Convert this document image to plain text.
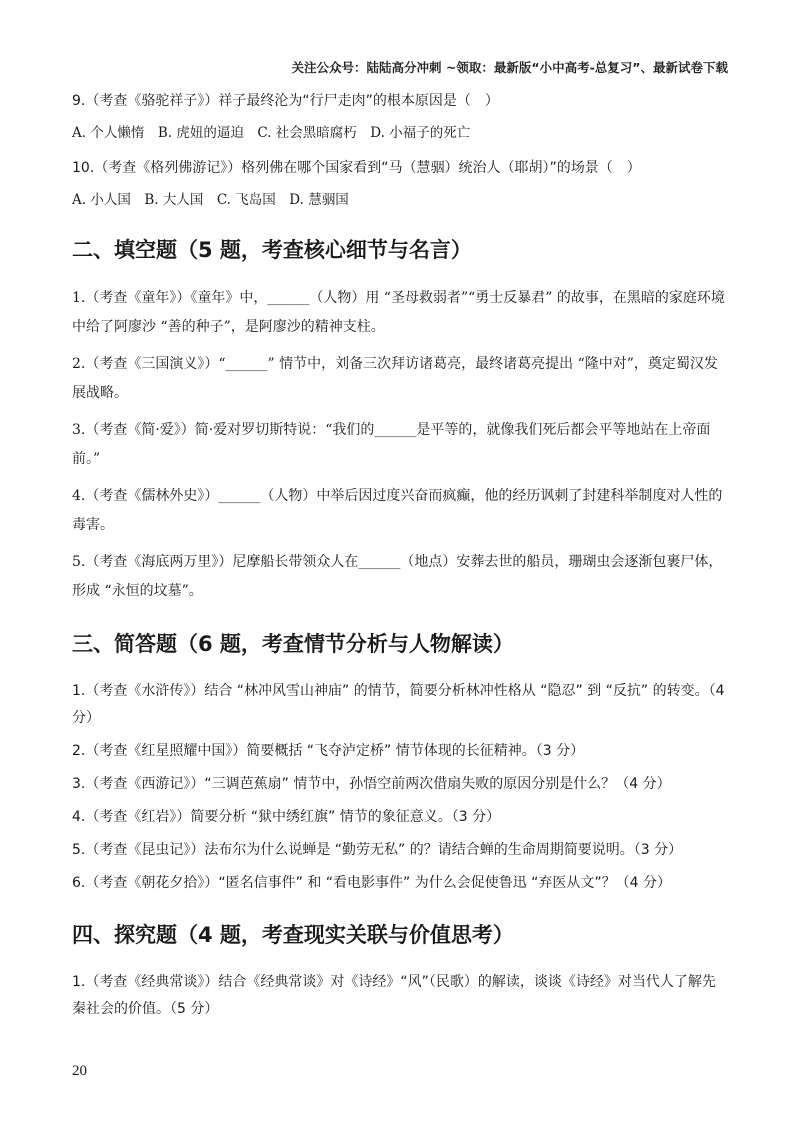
关注公众号：陆陆高分冲刺 ~领取：最新版“小中高考-总复习”、最新试卷下载

9.（考查《骆驼祥子》）祥子最终沦为“行尸走肉”的根本原因是（　）

A. 个人懒惰　B. 虎妞的逼迫　C. 社会黑暗腐朽　D. 小福子的死亡

10.（考查《格列佛游记》）格列佛在哪个国家看到“马（慧骃）统治人（耶胡）”的场景（　）

A. 小人国　B. 大人国　C. 飞岛国　D. 慧骃国

二、填空题（5 题，考查核心细节与名言）

1.（考查《童年》）《童年》中，______（人物）用 “圣母救弱者”“勇士反暴君” 的故事，在黑暗的家庭环境中给了阿廖沙 “善的种子”，是阿廖沙的精神支柱。

2.（考查《三国演义》）“______” 情节中，刘备三次拜访诸葛亮，最终诸葛亮提出 “隆中对”，奠定蜀汉发展战略。

3.（考查《简·爱》）简·爱对罗切斯特说：“我们的______是平等的，就像我们死后都会平等地站在上帝面前。”

4.（考查《儒林外史》）______（人物）中举后因过度兴奋而疯癫，他的经历讽刺了封建科举制度对人性的毒害。

5.（考查《海底两万里》）尼摩船长带领众人在______（地点）安葬去世的船员，珊瑚虫会逐渐包裹尸体，形成 “永恒的坟墓”。

三、简答题（6 题，考查情节分析与人物解读）

1.（考查《水浒传》）结合 “林冲风雪山神庙” 的情节，简要分析林冲性格从 “隐忍” 到 “反抗” 的转变。（4 分）

2.（考查《红星照耀中国》）简要概括 “飞夺泸定桥” 情节体现的长征精神。（3 分）

3.（考查《西游记》）“三调芭蕉扇” 情节中，孙悟空前两次借扇失败的原因分别是什么？（4 分）

4.（考查《红岩》）简要分析 “狱中绣红旗” 情节的象征意义。（3 分）

5.（考查《昆虫记》）法布尔为什么说蝉是 “勤劳无私” 的？请结合蝉的生命周期简要说明。（3 分）

6.（考查《朝花夕拾》）“匿名信事件” 和 “看电影事件” 为什么会促使鲁迅 “弃医从文”？（4 分）

四、探究题（4 题，考查现实关联与价值思考）

1.（考查《经典常谈》）结合《经典常谈》对《诗经》“风”（民歌）的解读，谈谈《诗经》对当代人了解先秦社会的价值。（5 分）

20
